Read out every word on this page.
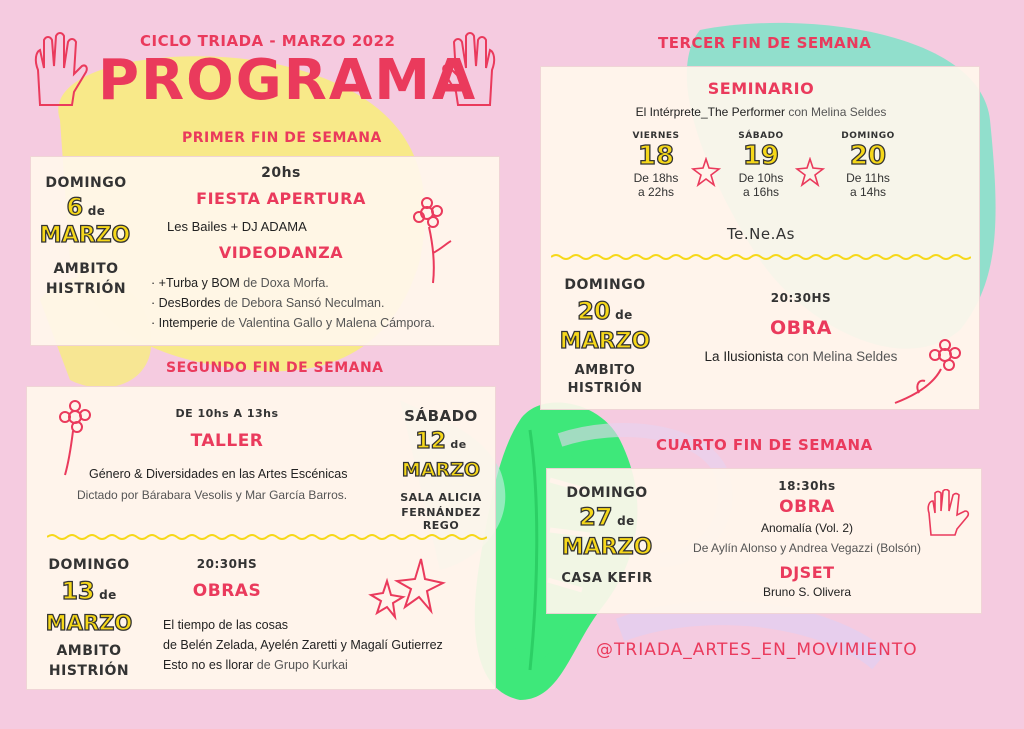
CICLO TRIADA - MARZO 2022
PROGRAMA
PRIMER FIN DE SEMANA
DOMINGO
6 de
MARZO
AMBITO
HISTRIÓN
20hs
FIESTA APERTURA
Les Bailes + DJ ADAMA
VIDEODANZA
· +Turba y BOM de Doxa Morfa.
· DesBordes de Debora Sansó Neculman.
· Intemperie de Valentina Gallo y Malena Cámpora.
SEGUNDO FIN DE SEMANA
DE 10hs A 13hs
TALLER
Género & Diversidades en las Artes Escénicas
Dictado por Bárabara Vesolis y Mar García Barros.
SÁBADO
12 de
MARZO
SALA ALICIA
FERNÁNDEZ REGO
DOMINGO
13 de
MARZO
AMBITO
HISTRIÓN
20:30HS
OBRAS
El tiempo de las cosas
de Belén Zelada, Ayelén Zaretti y Magalí Gutierrez
Esto no es llorar de Grupo Kurkai
TERCER FIN DE SEMANA
SEMINARIO
El Intérprete_The Performer con Melina Seldes
VIERNES
18
De 18hs
a 22hs
SÁBADO
19
De 10hs
a 16hs
DOMINGO
20
De 11hs
a 14hs
Te.Ne.As
DOMINGO
20 de
MARZO
AMBITO
HISTRIÓN
20:30HS
OBRA
La Ilusionista con Melina Seldes
CUARTO FIN DE SEMANA
DOMINGO
27 de
MARZO
CASA KEFIR
18:30hs
OBRA
Anomalía (Vol. 2)
De Aylín Alonso y Andrea Vegazzi (Bolsón)
DJSET
Bruno S. Olivera
@TRIADA_ARTES_EN_MOVIMIENTO
